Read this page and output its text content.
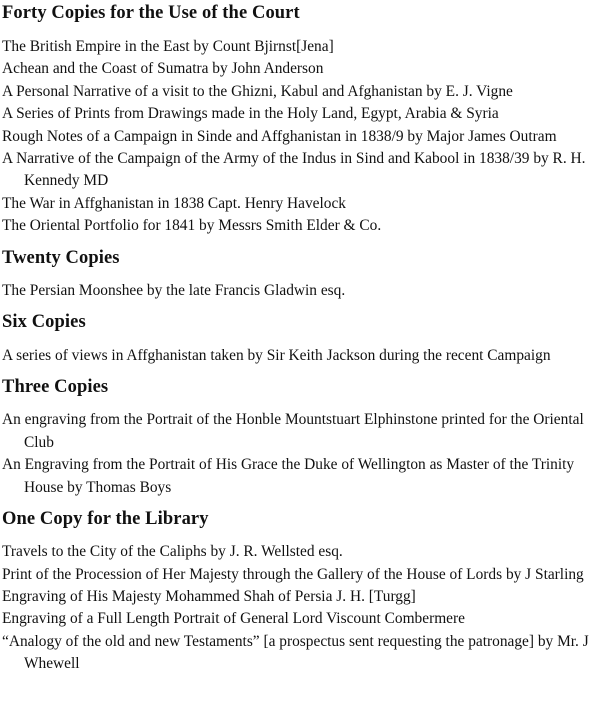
Forty Copies for the Use of the Court
The British Empire in the East by Count Bjirnst[Jena]
Achean and the Coast of Sumatra by John Anderson
A Personal Narrative of a visit to the Ghizni, Kabul and Afghanistan by E. J. Vigne
A Series of Prints from Drawings made in the Holy Land, Egypt, Arabia & Syria
Rough Notes of a Campaign in Sinde and Affghanistan in 1838/9 by Major James Outram
A Narrative of the Campaign of the Army of the Indus in Sind and Kabool in 1838/39 by R. H. Kennedy MD
The War in Affghanistan in 1838 Capt. Henry Havelock
The Oriental Portfolio for 1841 by Messrs Smith Elder & Co.
Twenty Copies
The Persian Moonshee by the late Francis Gladwin esq.
Six Copies
A series of views in Affghanistan taken by Sir Keith Jackson during the recent Campaign
Three Copies
An engraving from the Portrait of the Honble Mountstuart Elphinstone printed for the Oriental Club
An Engraving from the Portrait of His Grace the Duke of Wellington as Master of the Trinity House by Thomas Boys
One Copy for the Library
Travels to the City of the Caliphs by J. R. Wellsted esq.
Print of the Procession of Her Majesty through the Gallery of the House of Lords by J Starling
Engraving of His Majesty Mohammed Shah of Persia J. H. [Turgg]
Engraving of a Full Length Portrait of General Lord Viscount Combermere
“Analogy of the old and new Testaments” [a prospectus sent requesting the patronage] by Mr. J Whewell
